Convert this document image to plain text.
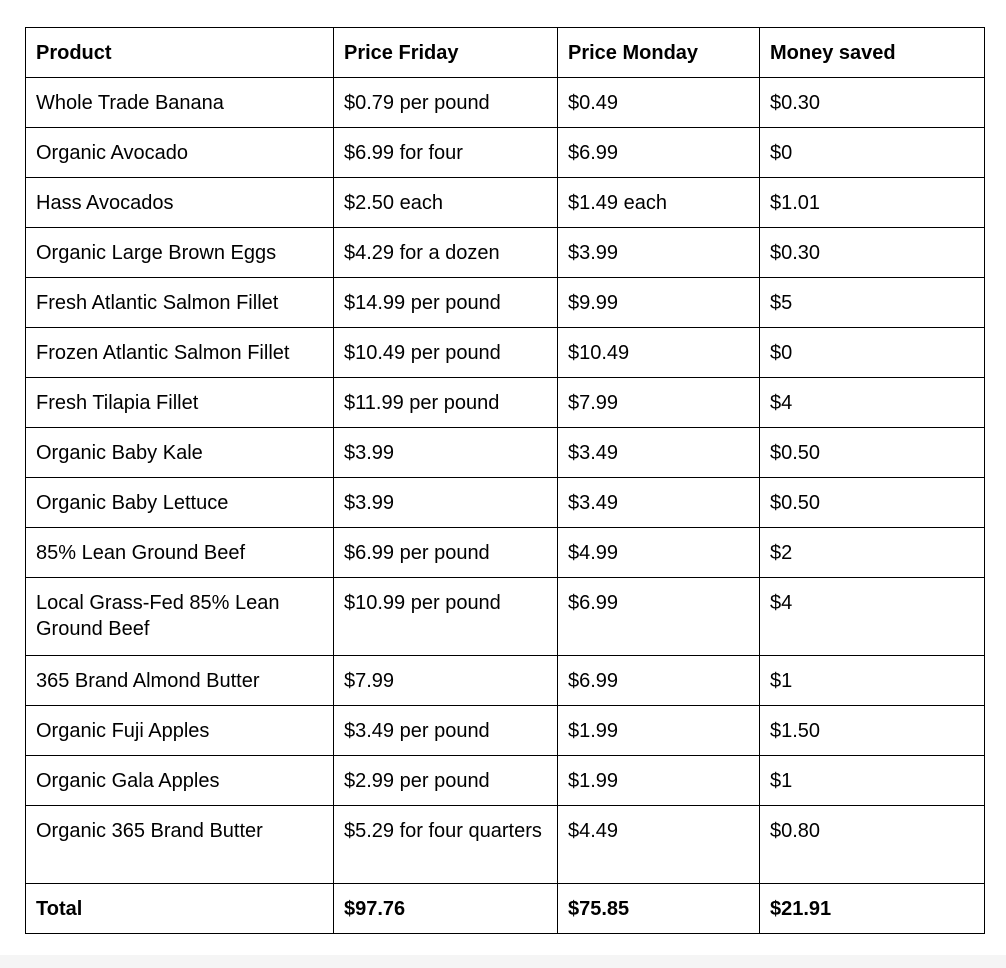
Product	Price Friday	Price Monday	Money saved
Whole Trade Banana	$0.79 per pound	$0.49	$0.30
Organic Avocado	$6.99 for four	$6.99	$0
Hass Avocados	$2.50 each	$1.49 each	$1.01
Organic Large Brown Eggs	$4.29 for a dozen	$3.99	$0.30
Fresh Atlantic Salmon Fillet	$14.99 per pound	$9.99	$5
Frozen Atlantic Salmon Fillet	$10.49 per pound	$10.49	$0
Fresh Tilapia Fillet	$11.99 per pound	$7.99	$4
Organic Baby Kale	$3.99	$3.49	$0.50
Organic Baby Lettuce	$3.99	$3.49	$0.50
85% Lean Ground Beef	$6.99 per pound	$4.99	$2
Local Grass-Fed 85% Lean Ground Beef	$10.99 per pound	$6.99	$4
365 Brand Almond Butter	$7.99	$6.99	$1
Organic Fuji Apples	$3.49 per pound	$1.99	$1.50
Organic Gala Apples	$2.99 per pound	$1.99	$1
Organic 365 Brand Butter	$5.29 for four quarters	$4.49	$0.80
Total	$97.76	$75.85	$21.91
